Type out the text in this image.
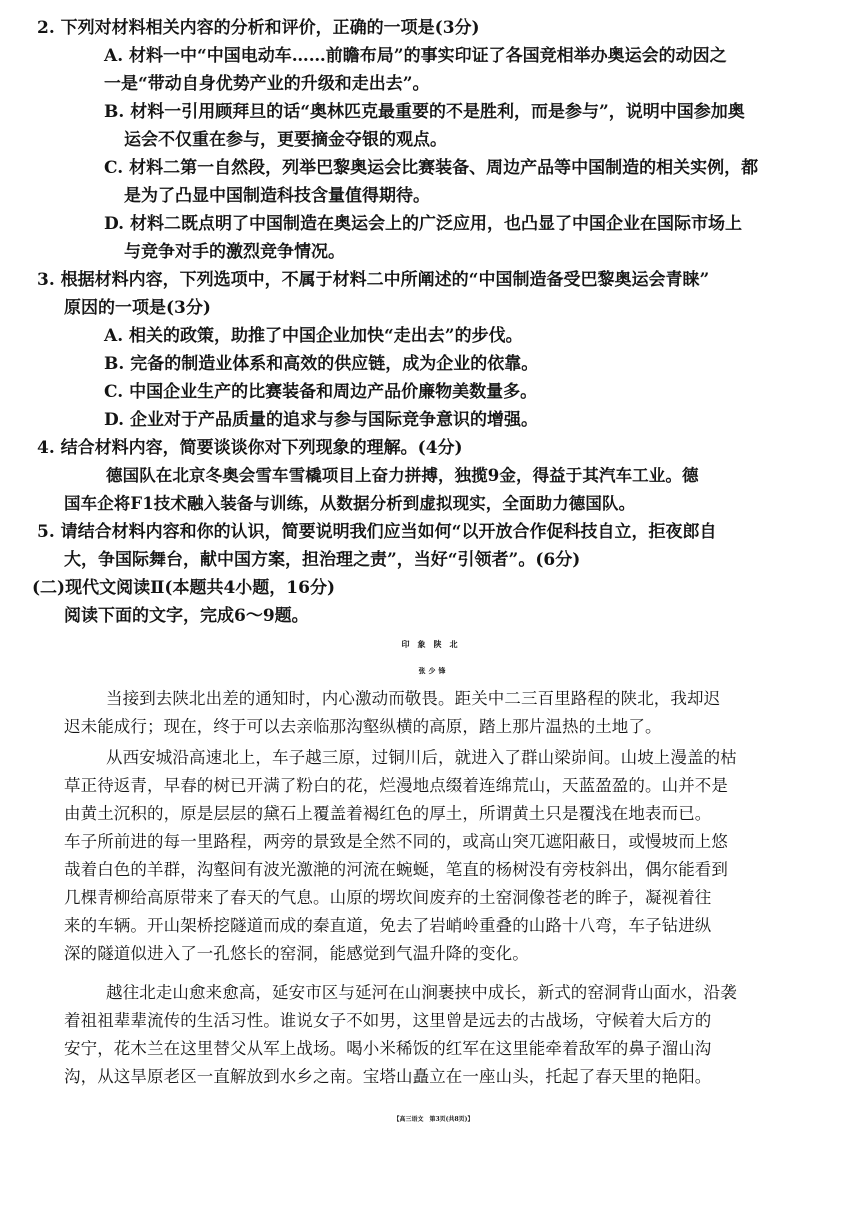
2. 下列对材料相关内容的分析和评价，正确的一项是(3分)
A. 材料一中“中国电动车……前瞻布局”的事实印证了各国竞相举办奥运会的动因之
一是“带动自身优势产业的升级和走出去”。
B. 材料一引用顾拜旦的话“奥林匹克最重要的不是胜利，而是参与”，说明中国参加奥
运会不仅重在参与，更要摘金夺银的观点。
C. 材料二第一自然段，列举巴黎奥运会比赛装备、周边产品等中国制造的相关实例，都
是为了凸显中国制造科技含量值得期待。
D. 材料二既点明了中国制造在奥运会上的广泛应用，也凸显了中国企业在国际市场上
与竞争对手的激烈竞争情况。
3. 根据材料内容，下列选项中，不属于材料二中所阐述的“中国制造备受巴黎奥运会青睐”
原因的一项是(3分)
A. 相关的政策，助推了中国企业加快“走出去”的步伐。
B. 完备的制造业体系和高效的供应链，成为企业的依靠。
C. 中国企业生产的比赛装备和周边产品价廉物美数量多。
D. 企业对于产品质量的追求与参与国际竞争意识的增强。
4. 结合材料内容，简要谈谈你对下列现象的理解。(4分)
德国队在北京冬奥会雪车雪橇项目上奋力拼搏，独揽9金，得益于其汽车工业。德
国车企将F1技术融入装备与训练，从数据分析到虚拟现实，全面助力德国队。
5. 请结合材料内容和你的认识，简要说明我们应当如何“以开放合作促科技自立，拒夜郎自
大，争国际舞台，献中国方案，担治理之责”，当好“引领者”。(6分)
(二)现代文阅读Ⅱ(本题共4小题，16分)
阅读下面的文字，完成6～9题。
印象陕北
张少锋
当接到去陕北出差的通知时，内心激动而敬畏。距关中二三百里路程的陕北，我却迟
迟未能成行；现在，终于可以去亲临那沟壑纵横的高原，踏上那片温热的土地了。
从西安城沿高速北上，车子越三原，过铜川后，就进入了群山梁峁间。山坡上漫盖的枯
草正待返青，早春的树已开满了粉白的花，烂漫地点缀着连绵荒山，天蓝盈盈的。山并不是
由黄土沉积的，原是层层的黛石上覆盖着褐红色的厚土，所谓黄土只是覆浅在地表而已。
车子所前进的每一里路程，两旁的景致是全然不同的，或高山突兀遮阳蔽日，或慢坡而上悠
哉着白色的羊群，沟壑间有波光激滟的河流在蜿蜒，笔直的杨树没有旁枝斜出，偶尔能看到
几棵青柳给高原带来了春天的气息。山原的塄坎间废弃的土窑洞像苍老的眸子，凝视着往
来的车辆。开山架桥挖隧道而成的秦直道，免去了岩峭岭重叠的山路十八弯，车子钻进纵
深的隧道似进入了一孔悠长的窑洞，能感觉到气温升降的变化。
越往北走山愈来愈高，延安市区与延河在山涧裹挟中成长，新式的窑洞背山面水，沿袭
着祖祖辈辈流传的生活习性。谁说女子不如男，这里曾是远去的古战场，守候着大后方的
安宁，花木兰在这里替父从军上战场。喝小米稀饭的红军在这里能牵着敌军的鼻子溜山沟
沟，从这旱原老区一直解放到水乡之南。宝塔山矗立在一座山头，托起了春天里的艳阳。
【高三语文　第3页(共8页)】
